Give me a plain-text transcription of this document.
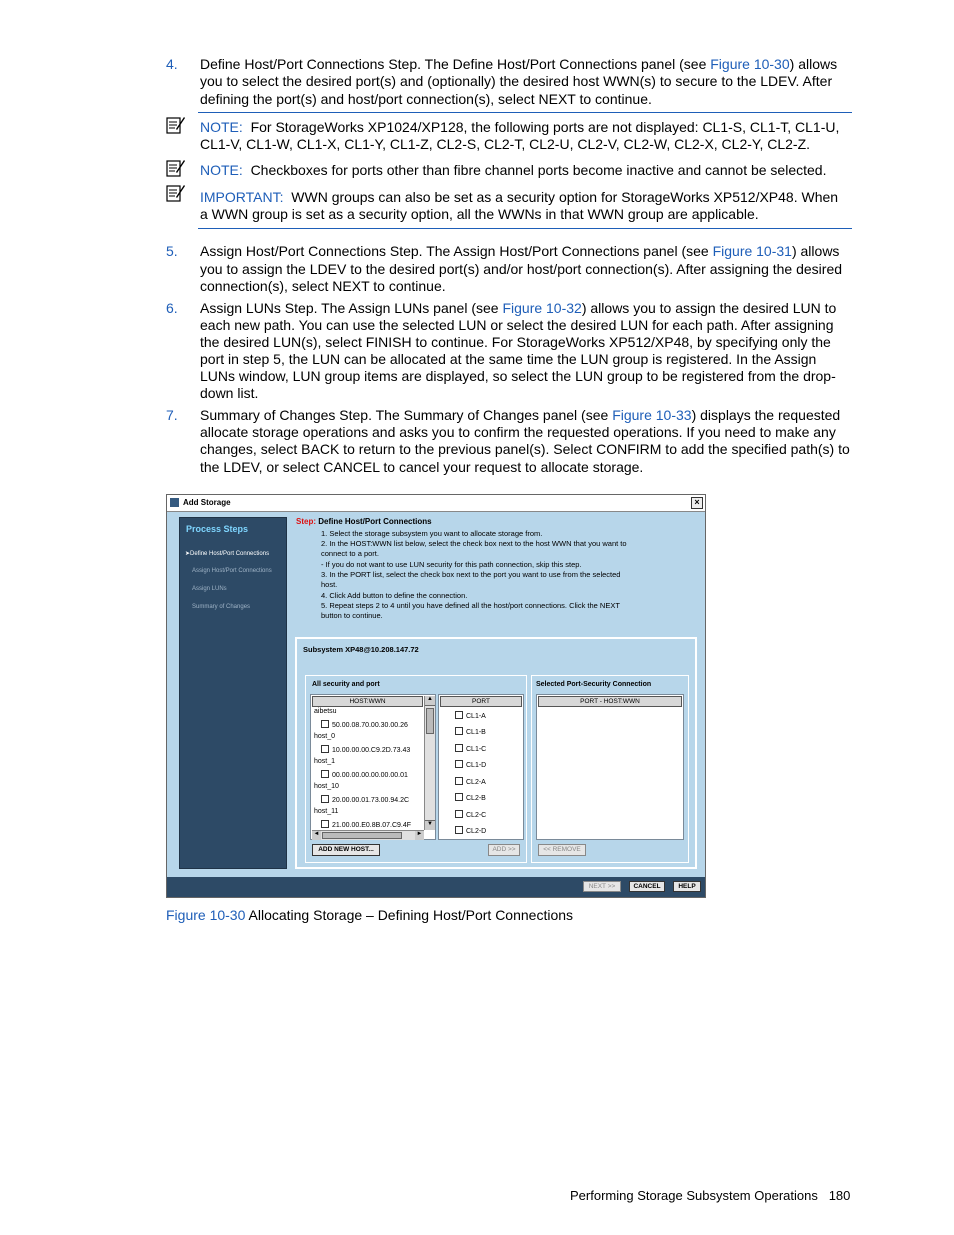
4. Define Host/Port Connections Step. The Define Host/Port Connections panel (see Figure 10-30) allows
you to select the desired port(s) and (optionally) the desired host WWN(s) to secure to the LDEV. After
defining the port(s) and host/port connection(s), select NEXT to continue.
NOTE: For StorageWorks XP1024/XP128, the following ports are not displayed: CL1-S, CL1-T, CL1-U,
CL1-V, CL1-W, CL1-X, CL1-Y, CL1-Z, CL2-S, CL2-T, CL2-U, CL2-V, CL2-W, CL2-X, CL2-Y, CL2-Z.
NOTE: Checkboxes for ports other than fibre channel ports become inactive and cannot be selected.
IMPORTANT: WWN groups can also be set as a security option for StorageWorks XP512/XP48. When
a WWN group is set as a security option, all the WWNs in that WWN group are applicable.
5. Assign Host/Port Connections Step. The Assign Host/Port Connections panel (see Figure 10-31) allows
you to assign the LDEV to the desired port(s) and/or host/port connection(s). After assigning the desired
connection(s), select NEXT to continue.
6. Assign LUNs Step. The Assign LUNs panel (see Figure 10-32) allows you to assign the desired LUN to
each new path. You can use the selected LUN or select the desired LUN for each path. After assigning
the desired LUN(s), select FINISH to continue. For StorageWorks XP512/XP48, by specifying only the
port in step 5, the LUN can be allocated at the same time the LUN group is registered. In the Assign
LUNs window, LUN group items are displayed, so select the LUN group to be registered from the drop-
down list.
7. Summary of Changes Step. The Summary of Changes panel (see Figure 10-33) displays the requested
allocate storage operations and asks you to confirm the requested operations. If you need to make any
changes, select BACK to return to the previous panel(s). Select CONFIRM to add the specified path(s) to
the LDEV, or select CANCEL to cancel your request to allocate storage.
Add Storage	×
Process Steps
➤Define Host/Port Connections
Assign Host/Port Connections
Assign LUNs
Summary of Changes
Step: Define Host/Port Connections
1. Select the storage subsystem you want to allocate storage from.
2. In the HOST:WWN list below, select the check box next to the host WWN that you want to
connect to a port.
- If you do not want to use LUN security for this path connection, skip this step.
3. In the PORT list, select the check box next to the port you want to use from the selected
host.
4. Click Add button to define the connection.
5. Repeat steps 2 to 4 until you have defined all the host/port connections. Click the NEXT
button to continue.
Subsystem XP48@10.208.147.72
All security and port
HOST:WWN
aibetsu
50.00.08.70.00.30.00.26
host_0
10.00.00.00.C9.2D.73.43
host_1
00.00.00.00.00.00.00.01
host_10
20.00.00.01.73.00.94.2C
host_11
21.00.00.E0.8B.07.C9.4F
▲
▼
◄	►
PORT
CL1-A
CL1-B
CL1-C
CL1-D
CL2-A
CL2-B
CL2-C
CL2-D
ADD NEW HOST...	ADD >>
Selected Port-Security Connection
PORT - HOST:WWN
<< REMOVE
NEXT >>	CANCEL	HELP
Figure 10-30 Allocating Storage – Defining Host/Port Connections
Performing Storage Subsystem Operations 180
